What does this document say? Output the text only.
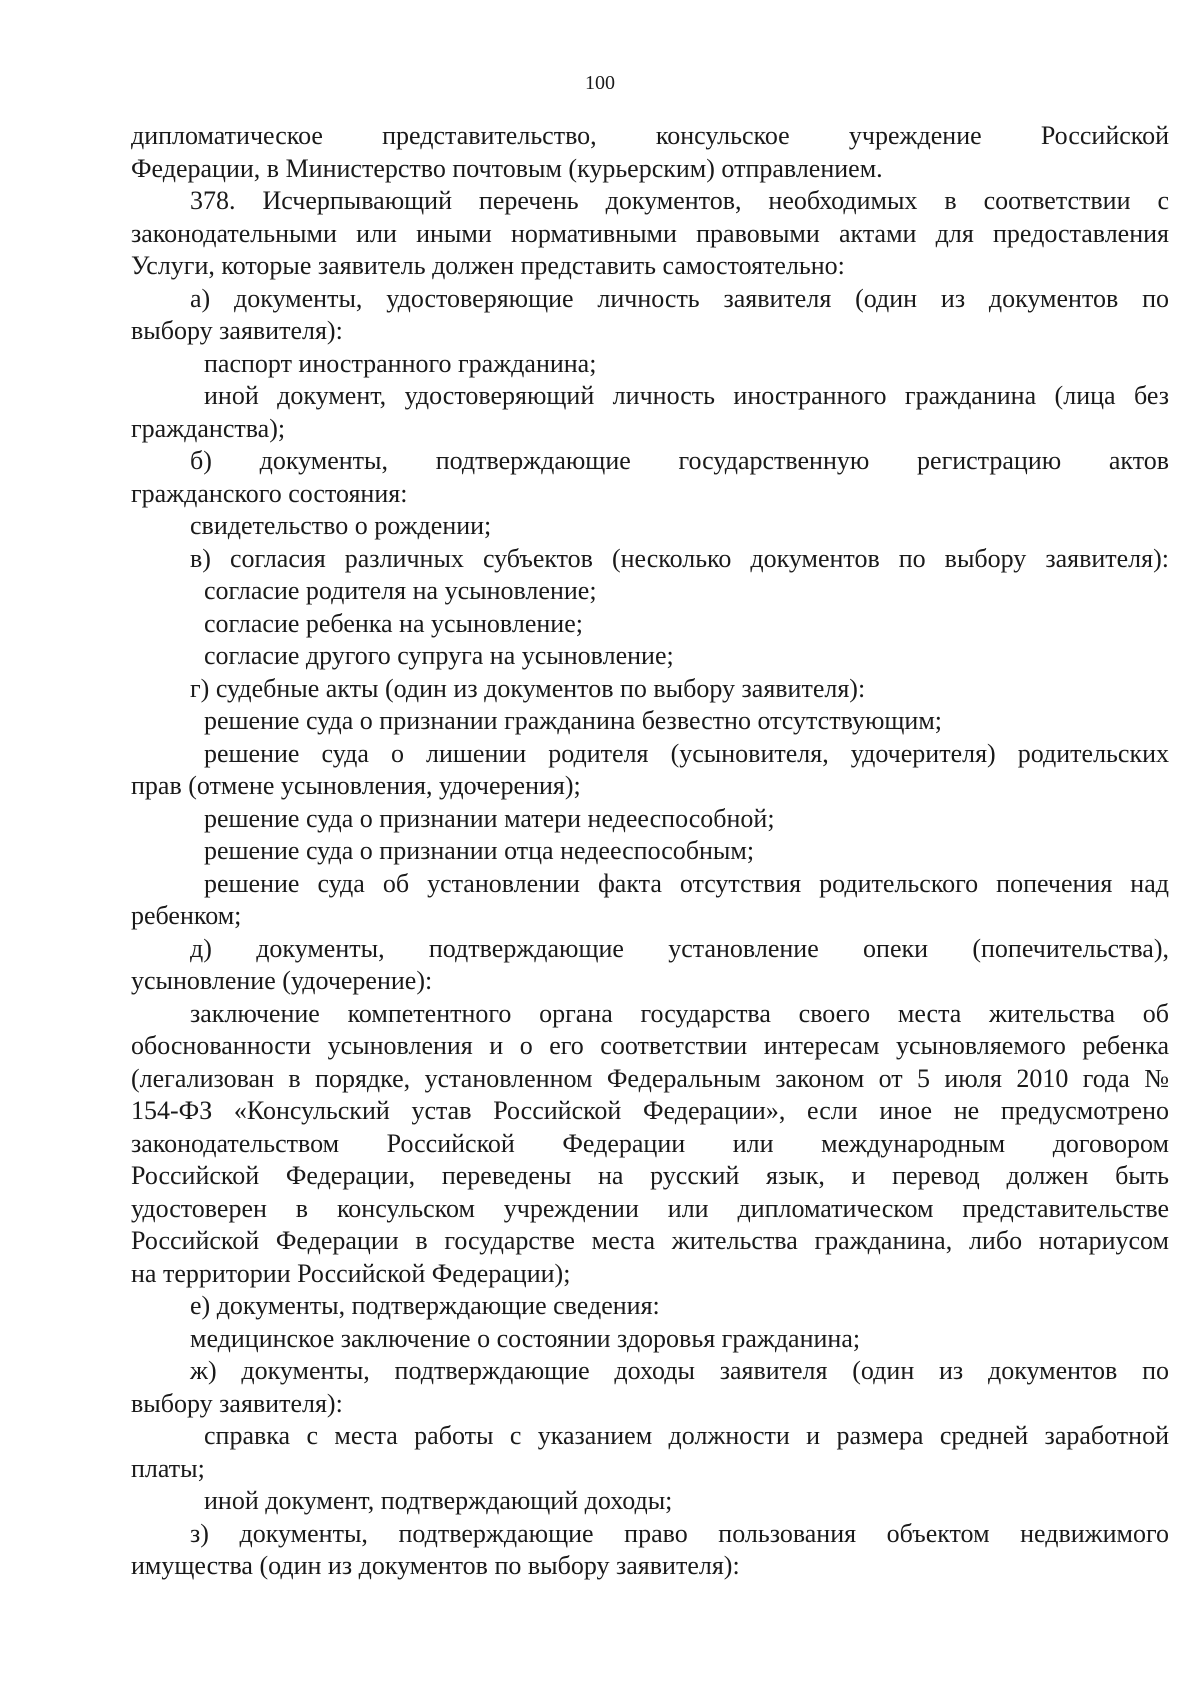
100
дипломатическое представительство, консульское учреждение Российской
Федерации, в Министерство почтовым (курьерским) отправлением.
378. Исчерпывающий перечень документов, необходимых в соответствии с
законодательными или иными нормативными правовыми актами для предоставления
Услуги, которые заявитель должен представить самостоятельно:
а) документы, удостоверяющие личность заявителя (один из документов по
выбору заявителя):
паспорт иностранного гражданина;
иной документ, удостоверяющий личность иностранного гражданина (лица без
гражданства);
б) документы, подтверждающие государственную регистрацию актов
гражданского состояния:
свидетельство о рождении;
в) согласия различных субъектов (несколько документов по выбору заявителя):
согласие родителя на усыновление;
согласие ребенка на усыновление;
согласие другого супруга на усыновление;
г) судебные акты (один из документов по выбору заявителя):
решение суда о признании гражданина безвестно отсутствующим;
решение суда о лишении родителя (усыновителя, удочерителя) родительских
прав (отмене усыновления, удочерения);
решение суда о признании матери недееспособной;
решение суда о признании отца недееспособным;
решение суда об установлении факта отсутствия родительского попечения над
ребенком;
д) документы, подтверждающие установление опеки (попечительства),
усыновление (удочерение):
заключение компетентного органа государства своего места жительства об
обоснованности усыновления и о его соответствии интересам усыновляемого ребенка
(легализован в порядке, установленном Федеральным законом от 5 июля 2010 года №
154-ФЗ «Консульский устав Российской Федерации», если иное не предусмотрено
законодательством Российской Федерации или международным договором
Российской Федерации, переведены на русский язык, и перевод должен быть
удостоверен в консульском учреждении или дипломатическом представительстве
Российской Федерации в государстве места жительства гражданина, либо нотариусом
на территории Российской Федерации);
е) документы, подтверждающие сведения:
медицинское заключение о состоянии здоровья гражданина;
ж) документы, подтверждающие доходы заявителя (один из документов по
выбору заявителя):
справка с места работы с указанием должности и размера средней заработной
платы;
иной документ, подтверждающий доходы;
з) документы, подтверждающие право пользования объектом недвижимого
имущества (один из документов по выбору заявителя):
